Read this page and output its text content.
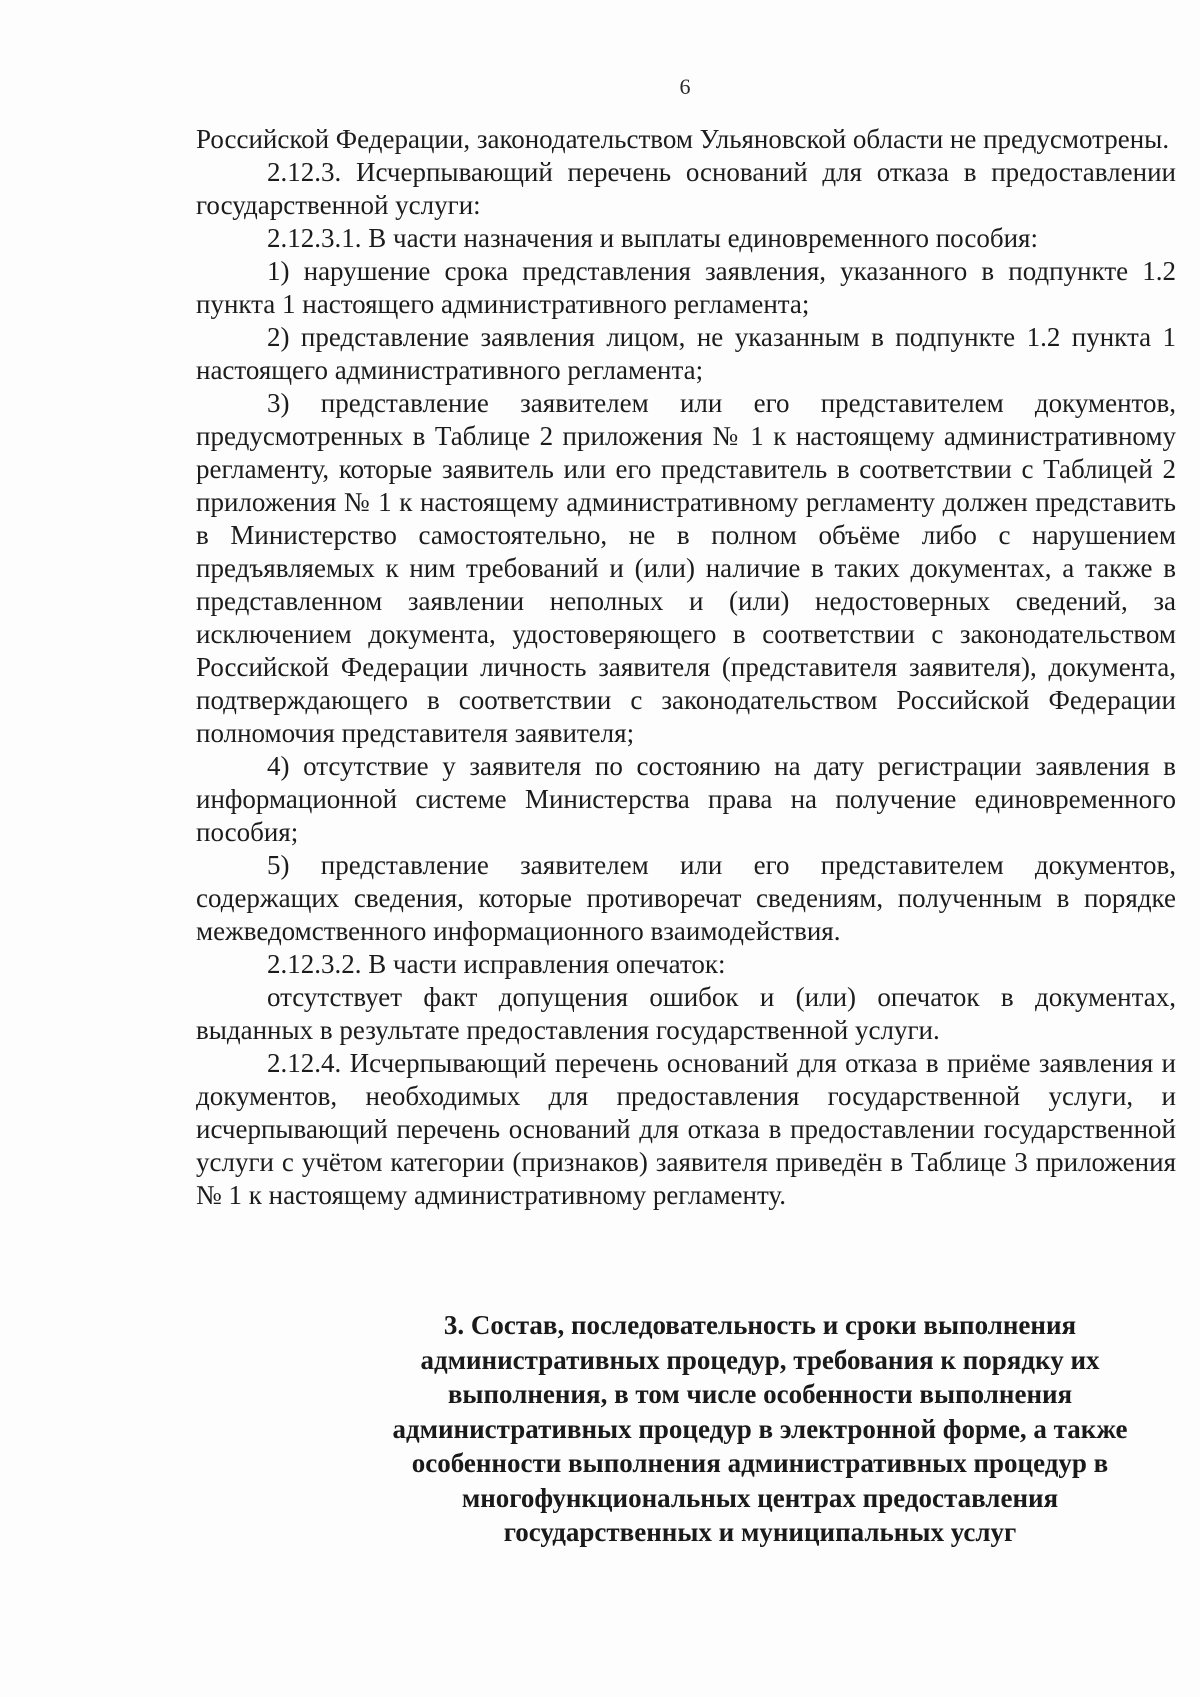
6

Российской Федерации, законодательством Ульяновской области не предусмотрены.

2.12.3. Исчерпывающий перечень оснований для отказа в предоставлении государственной услуги:

2.12.3.1. В части назначения и выплаты единовременного пособия:

1) нарушение срока представления заявления, указанного в подпункте 1.2 пункта 1 настоящего административного регламента;

2) представление заявления лицом, не указанным в подпункте 1.2 пункта 1 настоящего административного регламента;

3) представление заявителем или его представителем документов, предусмотренных в Таблице 2 приложения № 1 к настоящему административному регламенту, которые заявитель или его представитель в соответствии с Таблицей 2 приложения № 1 к настоящему административному регламенту должен представить в Министерство самостоятельно, не в полном объёме либо с нарушением предъявляемых к ним требований и (или) наличие в таких документах, а также в представленном заявлении неполных и (или) недостоверных сведений, за исключением документа, удостоверяющего в соответствии с законодательством Российской Федерации личность заявителя (представителя заявителя), документа, подтверждающего в соответствии с законодательством Российской Федерации полномочия представителя заявителя;

4) отсутствие у заявителя по состоянию на дату регистрации заявления в информационной системе Министерства права на получение единовременного пособия;

5) представление заявителем или его представителем документов, содержащих сведения, которые противоречат сведениям, полученным в порядке межведомственного информационного взаимодействия.

2.12.3.2. В части исправления опечаток:

отсутствует факт допущения ошибок и (или) опечаток в документах, выданных в результате предоставления государственной услуги.

2.12.4. Исчерпывающий перечень оснований для отказа в приёме заявления и документов, необходимых для предоставления государственной услуги, и исчерпывающий перечень оснований для отказа в предоставлении государственной услуги с учётом категории (признаков) заявителя приведён в Таблице 3 приложения № 1 к настоящему административному регламенту.

3. Состав, последовательность и сроки выполнения
административных процедур, требования к порядку их
выполнения, в том числе особенности выполнения
административных процедур в электронной форме, а также
особенности выполнения административных процедур в
многофункциональных центрах предоставления
государственных и муниципальных услуг
